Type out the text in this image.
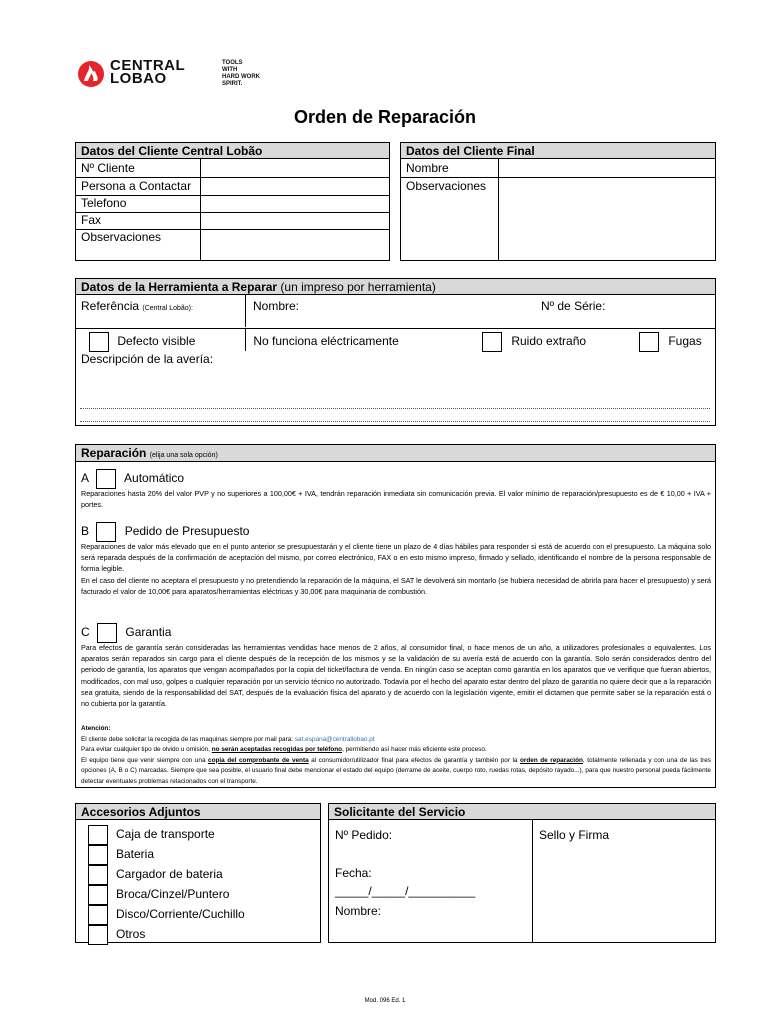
CENTRAL
LOBAO
TOOLS
WITH
HARD WORK
SPIRIT.
Orden de Reparación
Datos del Cliente Central Lobão
Nº Cliente
Persona a Contactar
Telefono
Fax
Observaciones
Datos del Cliente Final
Nombre
Observaciones
Datos de la Herramienta a Reparar (un impreso por herramienta)
Referência (Central Lobão):	Nombre:	Nº de Série:
Defecto visible	No funciona eléctricamente	Ruido extraño	Fugas
Descripción de la avería:
Reparación (elija una sola opción)
A	Automático
Reparaciones hasta 20% del valor PVP y no superiores a 100,00€ + IVA, tendrán reparación inmediata sin comunicación previa. El valor mínimo de reparación/presupuesto es de € 10,00 + IVA + portes.
B	Pedido de Presupuesto
Reparaciones de valor más elevado que en el punto anterior se presupuestarán y el cliente tiene un plazo de 4 días hábiles para responder si está de acuerdo con el presupuesto. La máquina solo será reparada después de la confirmación de aceptación del mismo, por correo electrónico, FAX o en esto mismo impreso, firmado y sellado, identificando el nombre de la persona responsable de forma legible.
En el caso del cliente no aceptara el presupuesto y no pretendiendo la reparación de la máquina, el SAT le devolverá sin montarlo (se hubiera necesidad de abrirla para hacer el presupuesto) y será facturado el valor de 10,00€ para aparatos/herramientas eléctricas y 30,00€ para maquinaria de combustión.
C	Garantia
Para efectos de garantía serán consideradas las herramientas vendidas hace menos de 2 años, al consumidor final, o hace menos de un año, a utilizadores profesionales o equivalentes. Los aparatos serán reparados sin cargo para el cliente después de la recepción de los mismos y se la validación de su avería está de acuerdo con la garantía. Solo serán considerados dentro del periodo de garantía, los aparatos que vengan acompañados por la copia del ticket/factura de venda. En ningún caso se aceptan como garantía en los aparatos que ve verifique que fueran abiertos, modificados, con mal uso, golpes o cualquier reparación por un servicio técnico no autorizado. Todavía por el hecho del aparato estar dentro del plazo de garantía no quiere decir que a la reparación sea gratuita, siendo de la responsabilidad del SAT, después de la evaluación física del aparato y de acuerdo con la legislación vigente, emitir el dictamen que permite saber se la reparación está o no cubierta por la garantía.
Atención:
El cliente debe solicitar la recogida de las maquinas siempre por mail para: sat.espana@centrallobao.pt
Para evitar cualquier tipo de olvido u omisión, no serán aceptadas recogidas por teléfono, permitiendo así hacer más eficiente este proceso.
El equipo tiene que venir siempre con una copia del comprobante de venta al consumidor/utilizador final para efectos de garantía y también por la orden de reparación, totalmente rellenada y con una de las tres opciones (A, B o C) marcadas. Siempre que sea posible, el usuario final debe mencionar el estado del equipo (derrame de aceite, cuerpo roto, ruedas rotas, depósito rayado...), para que nuestro personal pueda fácilmente detectar eventuales problemas relacionados con el transporte.
Accesorios Adjuntos
Caja de transporte
Bateria
Cargador de bateria
Broca/Cinzel/Puntero
Disco/Corriente/Cuchillo
Otros
Solicitante del Servicio
Nº Pedido:	Sello y Firma
Fecha:
_____/_____/__________
Nombre:
Mod. 096 Ed. 1
